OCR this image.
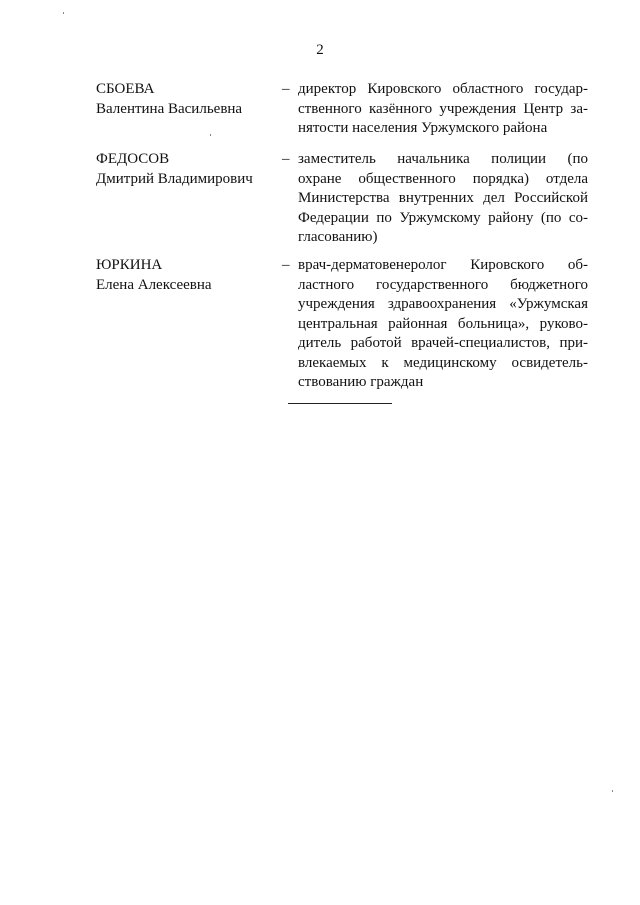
2
СБОЕВА
Валентина Васильевна
– директор Кировского областного государ-
ственного казённого учреждения Центр за-
нятости населения Уржумского района
ФЕДОСОВ
Дмитрий Владимирович
– заместитель начальника полиции (по
охране общественного порядка) отдела
Министерства внутренних дел Российской
Федерации по Уржумскому району (по со-
гласованию)
ЮРКИНА
Елена Алексеевна
– врач-дерматовенеролог Кировского об-
ластного государственного бюджетного
учреждения здравоохранения «Уржумская
центральная районная больница», руково-
дитель работой врачей-специалистов, при-
влекаемых к медицинскому освидетель-
ствованию граждан
